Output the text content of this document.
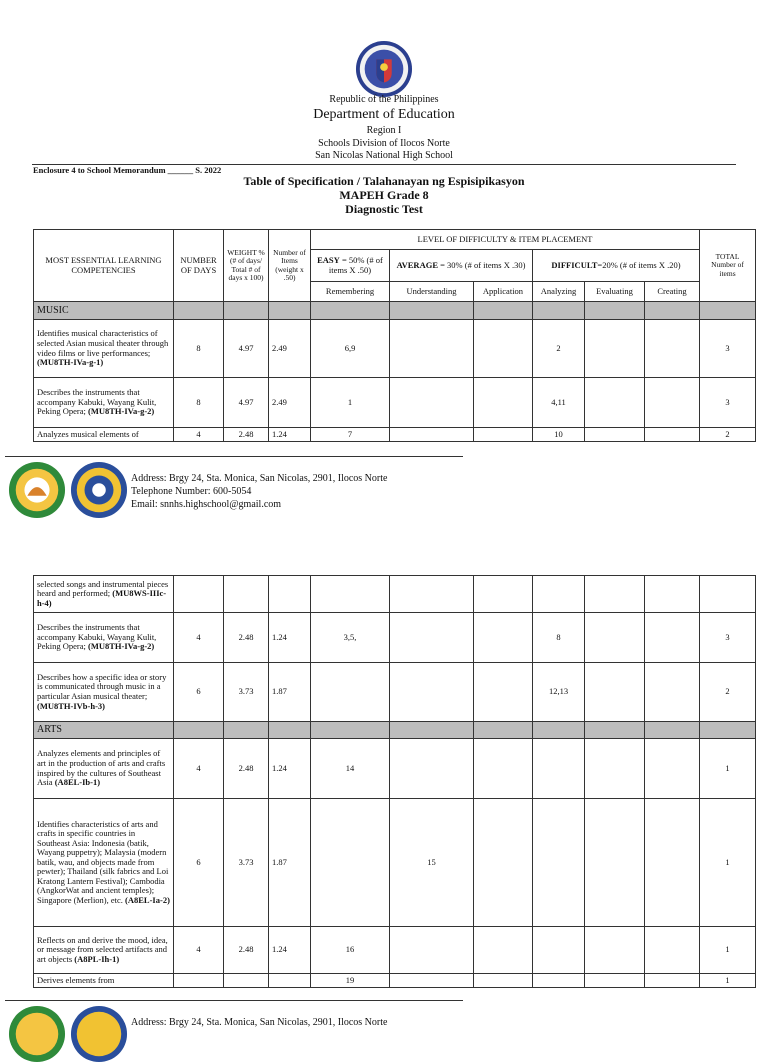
Republic of the Philippines
Department of Education
Region I
Schools Division of Ilocos Norte
San Nicolas National High School
Enclosure 4 to School Memorandum ______ S. 2022
Table of Specification / Talahanayan ng Espisipikasyon
MAPEH Grade 8
Diagnostic Test
MOST ESSENTIAL LEARNING COMPETENCIES	NUMBER OF DAYS	WEIGHT % (# of days/ Total # of days x 100)	Number of Items (weight x .50)	LEVEL OF DIFFICULTY & ITEM PLACEMENT						TOTAL Number of items
				EASY = 50% (# of items X .50)	AVERAGE = 30% (# of items X .30)		DIFFICULT=20% (# of items X .20)			
				Remembering	Understanding	Application	Analyzing	Evaluating	Creating	
MUSIC										
Identifies musical characteristics of selected Asian musical theater through video films or live performances; (MU8TH-IVa-g-1)	8	4.97	2.49	6,9			2			3
Describes the instruments that accompany Kabuki, Wayang Kulit, Peking Opera; (MU8TH-IVa-g-2)	8	4.97	2.49	1			4,11			3
Analyzes musical elements of	4	2.48	1.24	7			10			2
Address: Brgy 24, Sta. Monica, San Nicolas, 2901, Ilocos Norte
Telephone Number: 600-5054
Email: snnhs.highschool@gmail.com
selected songs and instrumental pieces heard and performed; (MU8WS-IIIc-h-4)										
Describes the instruments that accompany Kabuki, Wayang Kulit, Peking Opera; (MU8TH-IVa-g-2)	4	2.48	1.24	3,5,			8			3
Describes how a specific idea or story is communicated through music in a particular Asian musical theater; (MU8TH-IVb-h-3)	6	3.73	1.87				12,13			2
ARTS										
Analyzes elements and principles of art in the production of arts and crafts inspired by the cultures of Southeast Asia (A8EL-Ib-1)	4	2.48	1.24	14						1
Identifies characteristics of arts and crafts in specific countries in Southeast Asia: Indonesia (batik, Wayang puppetry); Malaysia (modern batik, wau, and objects made from pewter); Thailand (silk fabrics and Loi Kratong Lantern Festival); Cambodia (AngkorWat and ancient temples); Singapore (Merlion), etc. (A8EL-Ia-2)	6	3.73	1.87		15					1
Reflects on and derive the mood, idea, or message from selected artifacts and art objects (A8PL-Ih-1)	4	2.48	1.24	16						1
Derives elements from				19						1
Address: Brgy 24, Sta. Monica, San Nicolas, 2901, Ilocos Norte
